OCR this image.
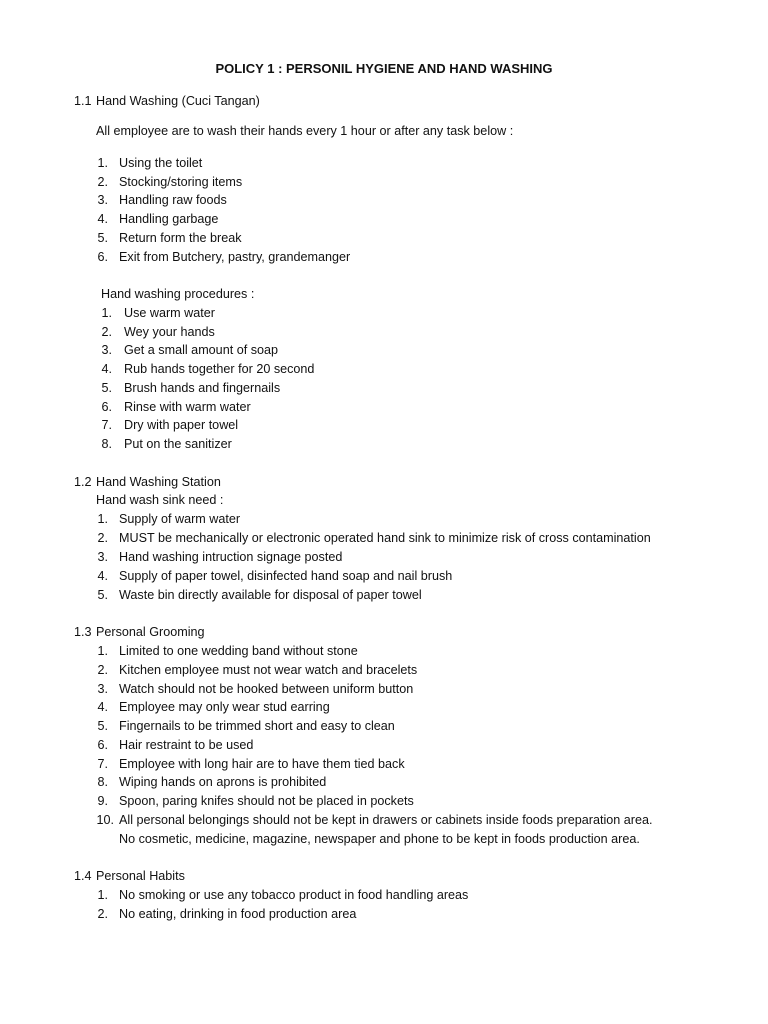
POLICY 1 : PERSONIL HYGIENE AND HAND WASHING
1.1 Hand Washing (Cuci Tangan)
All employee are to wash their hands every 1 hour or after any task below :
1. Using the toilet
2. Stocking/storing items
3. Handling raw foods
4. Handling garbage
5. Return form the break
6. Exit from Butchery, pastry, grandemanger
Hand washing procedures :
1. Use warm water
2. Wey your hands
3. Get a small amount of soap
4. Rub hands together for 20 second
5. Brush hands and fingernails
6. Rinse with warm water
7. Dry with paper towel
8. Put on the sanitizer
1.2 Hand Washing Station
Hand wash sink need :
1. Supply of warm water
2. MUST be mechanically or electronic operated hand sink to minimize risk of cross contamination
3. Hand washing intruction signage posted
4. Supply of paper towel, disinfected hand soap and nail brush
5. Waste bin directly available for disposal of paper towel
1.3 Personal Grooming
1. Limited to one wedding band without stone
2. Kitchen employee must not wear watch and bracelets
3. Watch should not be hooked between uniform button
4. Employee may only wear stud earring
5. Fingernails to be trimmed short and easy to clean
6. Hair restraint to be used
7. Employee with long hair are to have them tied back
8. Wiping hands on aprons is prohibited
9. Spoon, paring knifes should not be placed in pockets
10. All personal belongings should not be kept in drawers or cabinets inside foods preparation area.
No cosmetic, medicine, magazine, newspaper and phone to be kept in foods production area.
1.4 Personal Habits
1. No smoking or use any tobacco product in food handling areas
2. No eating, drinking in food production area
